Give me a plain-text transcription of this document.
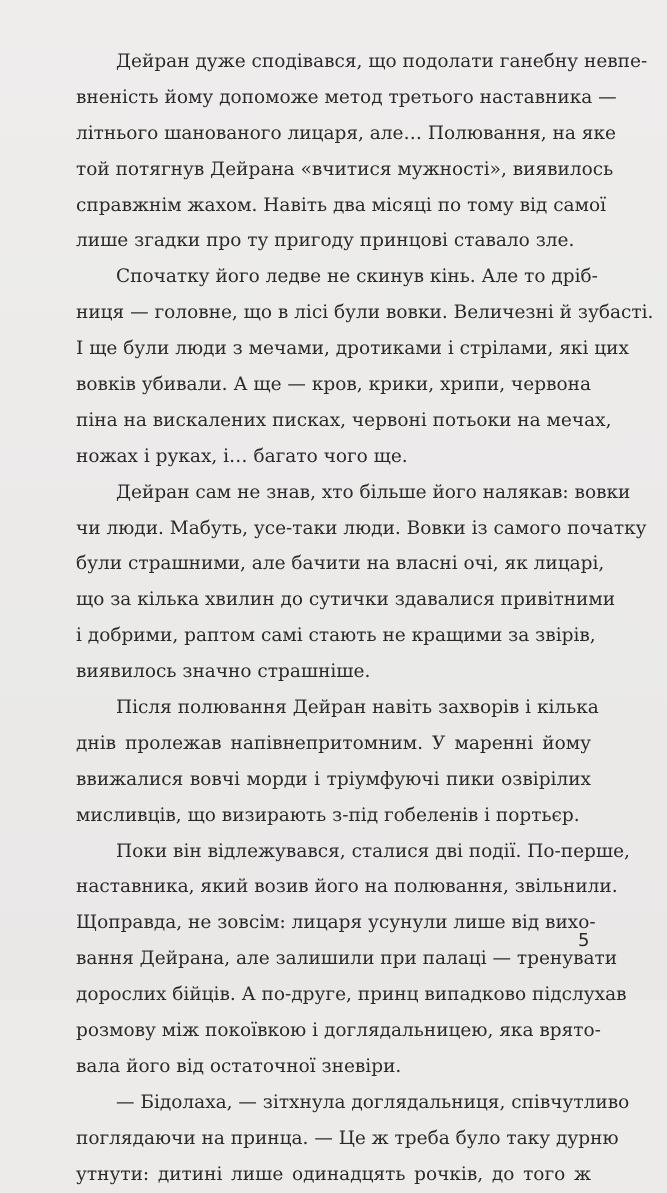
Дейран дуже сподівався, що подолати ганебну невпе-
вненість йому допоможе метод третього наставника —
літнього шанованого лицаря, але… Полювання, на яке
той потягнув Дейрана «вчитися мужності», виявилось
справжнім жахом. Навіть два місяці по тому від самої
лише згадки про ту пригоду принцові ставало зле.
Спочатку його ледве не скинув кінь. Але то дріб-
ниця — головне, що в лісі були вовки. Величезні й зубасті.
І ще були люди з мечами, дротиками і стрілами, які цих
вовків убивали. А ще — кров, крики, хрипи, червона
піна на вискалених писках, червоні потьоки на мечах,
ножах і руках, і… багато чого ще.
Дейран сам не знав, хто більше його налякав: вовки
чи люди. Мабуть, усе-таки люди. Вовки із самого початку
були страшними, але бачити на власні очі, як лицарі,
що за кілька хвилин до сутички здавалися привітними
і добрими, раптом самі стають не кращими за звірів,
виявилось значно страшніше.
Після полювання Дейран навіть захворів і кілька
днів пролежав напівнепритомним. У маренні йому
ввижалися вовчі морди і тріумфуючі пики озвірілих
мисливців, що визирають з-під гобеленів і портьєр.
Поки він відлежувався, сталися дві події. По-перше,
наставника, який возив його на полювання, звільнили.
Щоправда, не зовсім: лицаря усунули лише від вихо-
вання Дейрана, але залишили при палаці — тренувати
дорослих бійців. А по-друге, принц випадково підслухав
розмову між покоївкою і доглядальницею, яка врято-
вала його від остаточної зневіри.
— Бідолаха, — зітхнула доглядальниця, співчутливо
поглядаючи на принца. — Це ж треба було таку дурню
утнути: дитині лише одинадцять рочків, до того ж
5
